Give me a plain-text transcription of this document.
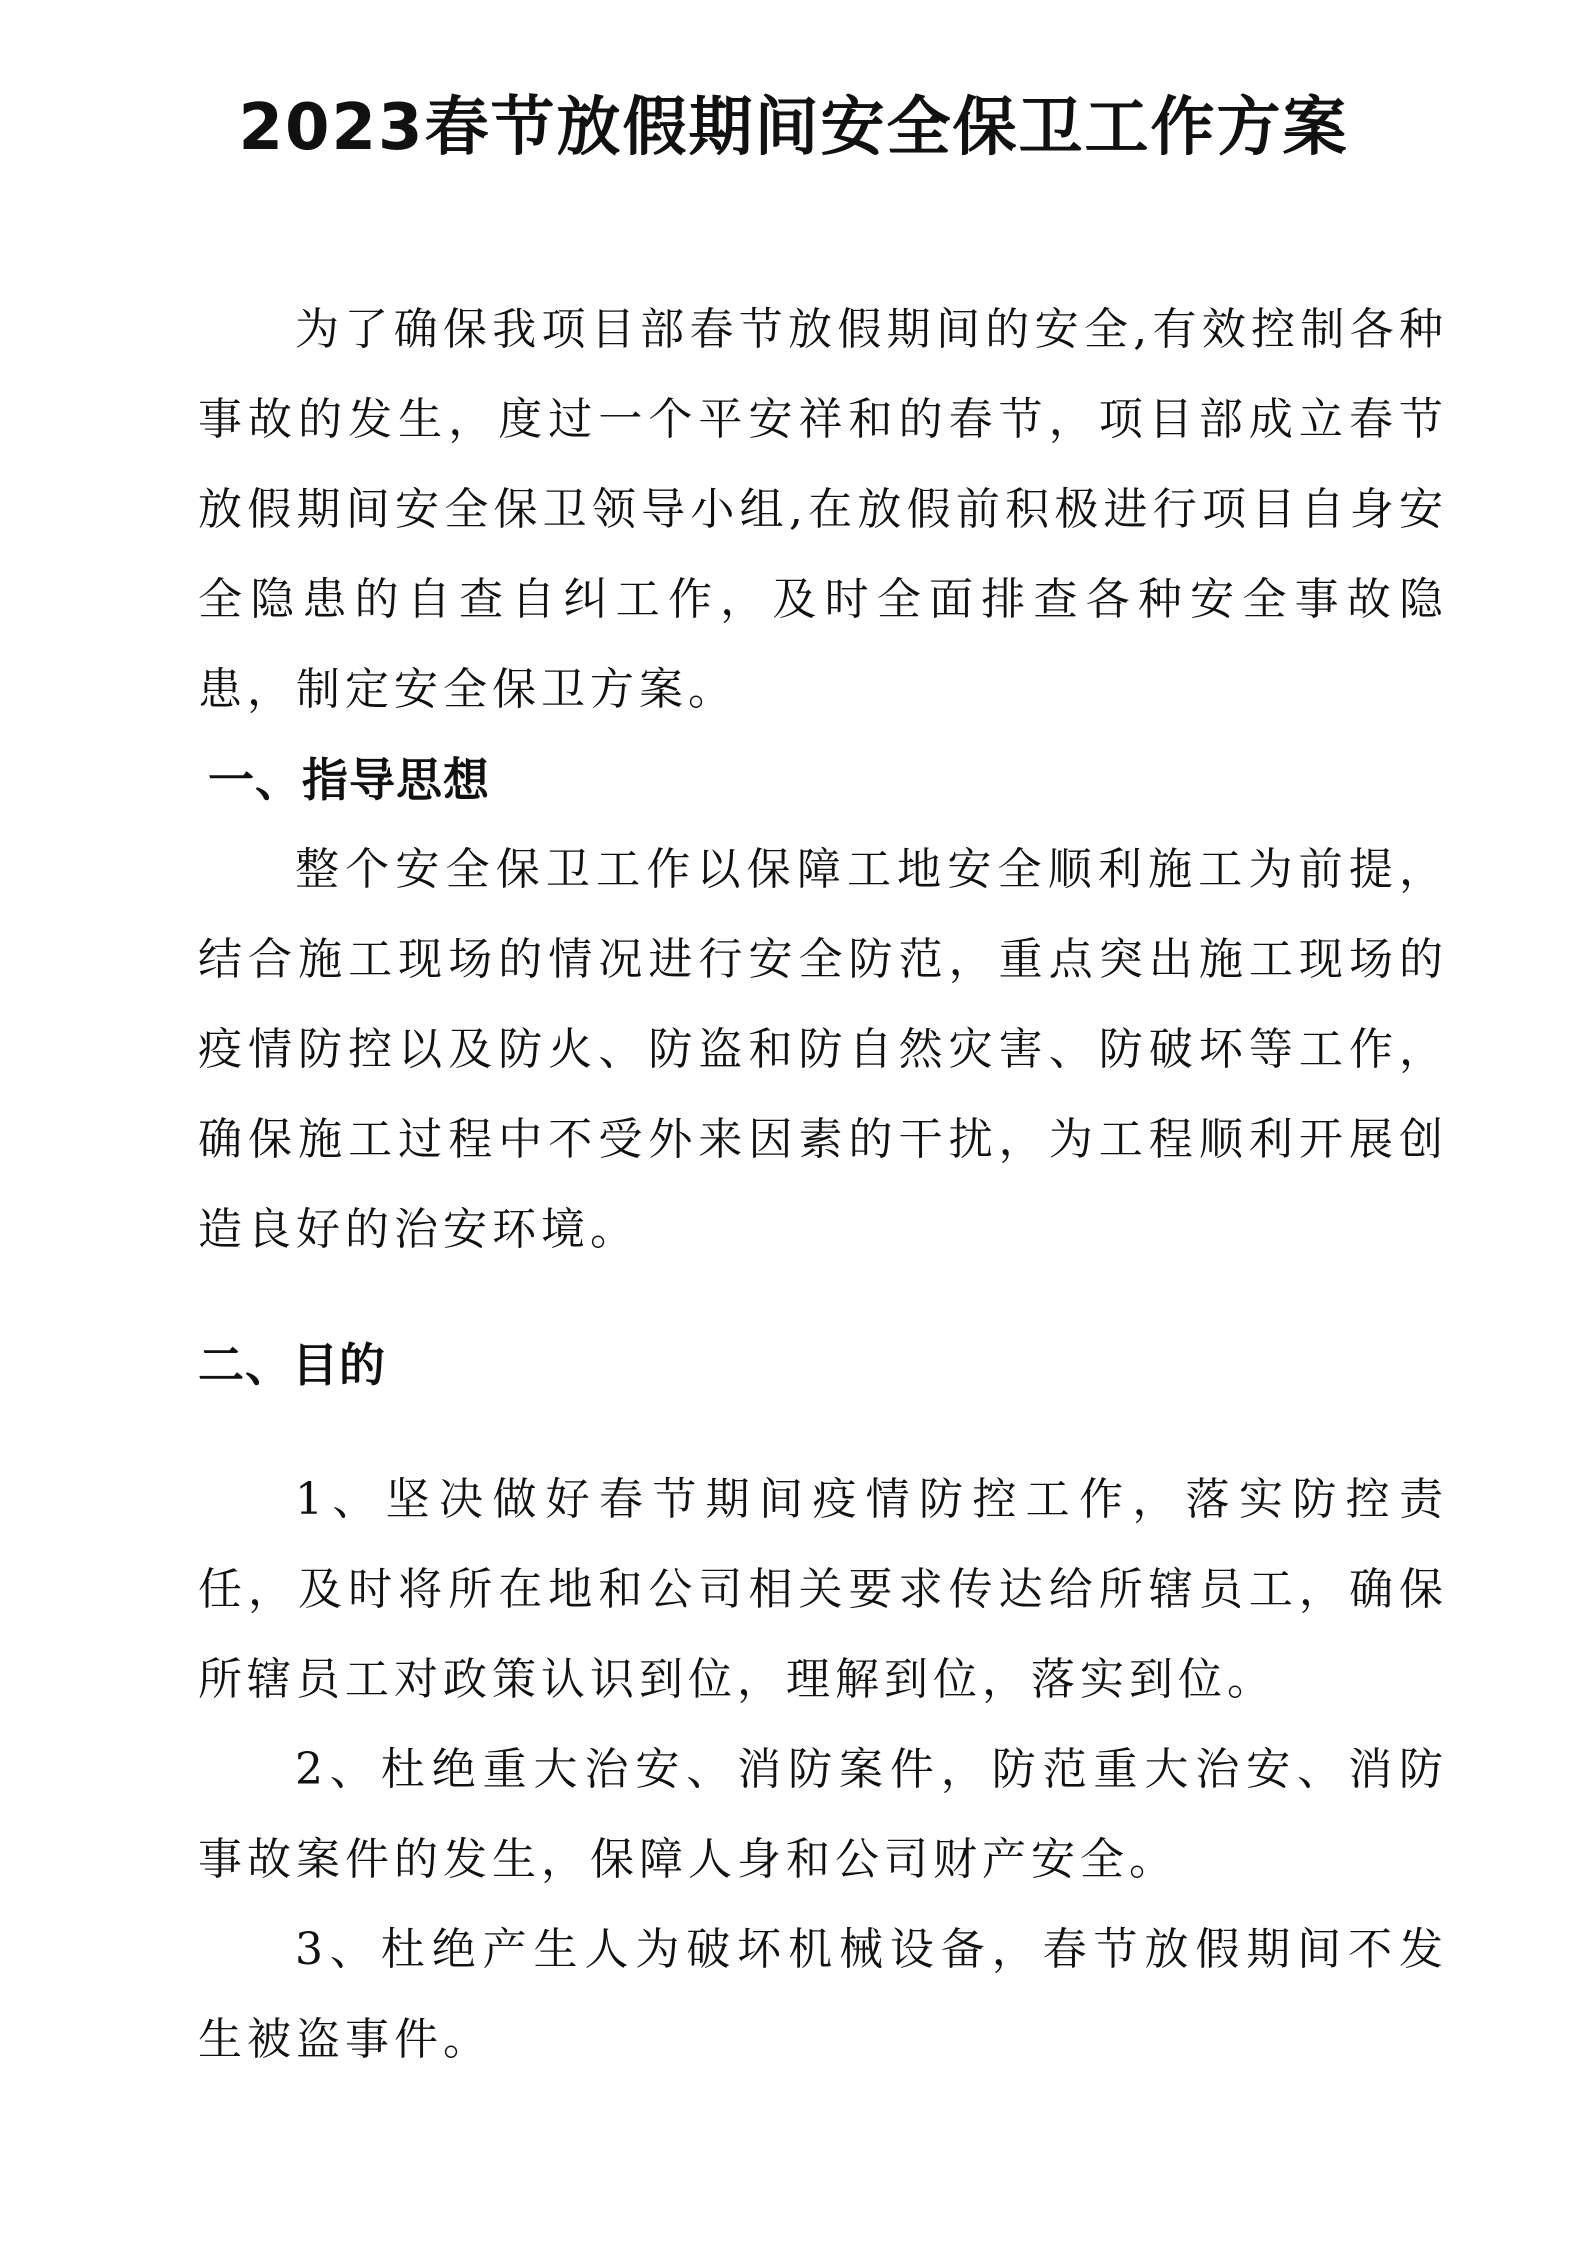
2023春节放假期间安全保卫工作方案

为了确保我项目部春节放假期间的安全,有效控制各种事故的发生，度过一个平安祥和的春节，项目部成立春节放假期间安全保卫领导小组,在放假前积极进行项目自身安全隐患的自查自纠工作，及时全面排查各种安全事故隐患，制定安全保卫方案。

一、指导思想

整个安全保卫工作以保障工地安全顺利施工为前提，结合施工现场的情况进行安全防范，重点突出施工现场的疫情防控以及防火、防盗和防自然灾害、防破坏等工作，确保施工过程中不受外来因素的干扰，为工程顺利开展创造良好的治安环境。

二、目的

1、坚决做好春节期间疫情防控工作，落实防控责任，及时将所在地和公司相关要求传达给所辖员工，确保所辖员工对政策认识到位，理解到位，落实到位。

2、杜绝重大治安、消防案件，防范重大治安、消防事故案件的发生，保障人身和公司财产安全。

3、杜绝产生人为破坏机械设备，春节放假期间不发生被盗事件。
